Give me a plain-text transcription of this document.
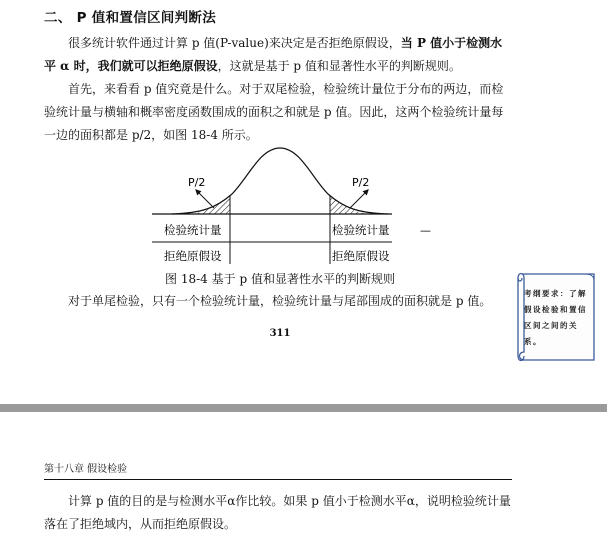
二、 P 值和置信区间判断法
很多统计软件通过计算 p 值(P-value)来决定是否拒绝原假设，当 P 值小于检测水平 α 时，我们就可以拒绝原假设，这就是基于 p 值和显著性水平的判断规则。
首先，来看看 p 值究竟是什么。对于双尾检验，检验统计量位于分布的两边，而检验统计量与横轴和概率密度函数围成的面积之和就是 p 值。因此，这两个检验统计量每一边的面积都是 p/2，如图 18-4 所示。
P/2	P/2
检验统计量	检验统计量
拒绝原假设	拒绝原假设
—
图 18-4 基于 p 值和显著性水平的判断规则
对于单尾检验，只有一个检验统计量，检验统计量与尾部围成的面积就是 p 值。
311
考纲要求：了解假设检验和置信区间之间的关系。
第十八章 假设检验
计算 p 值的目的是与检测水平α作比较。如果 p 值小于检测水平α，说明检验统计量落在了拒绝域内，从而拒绝原假设。
